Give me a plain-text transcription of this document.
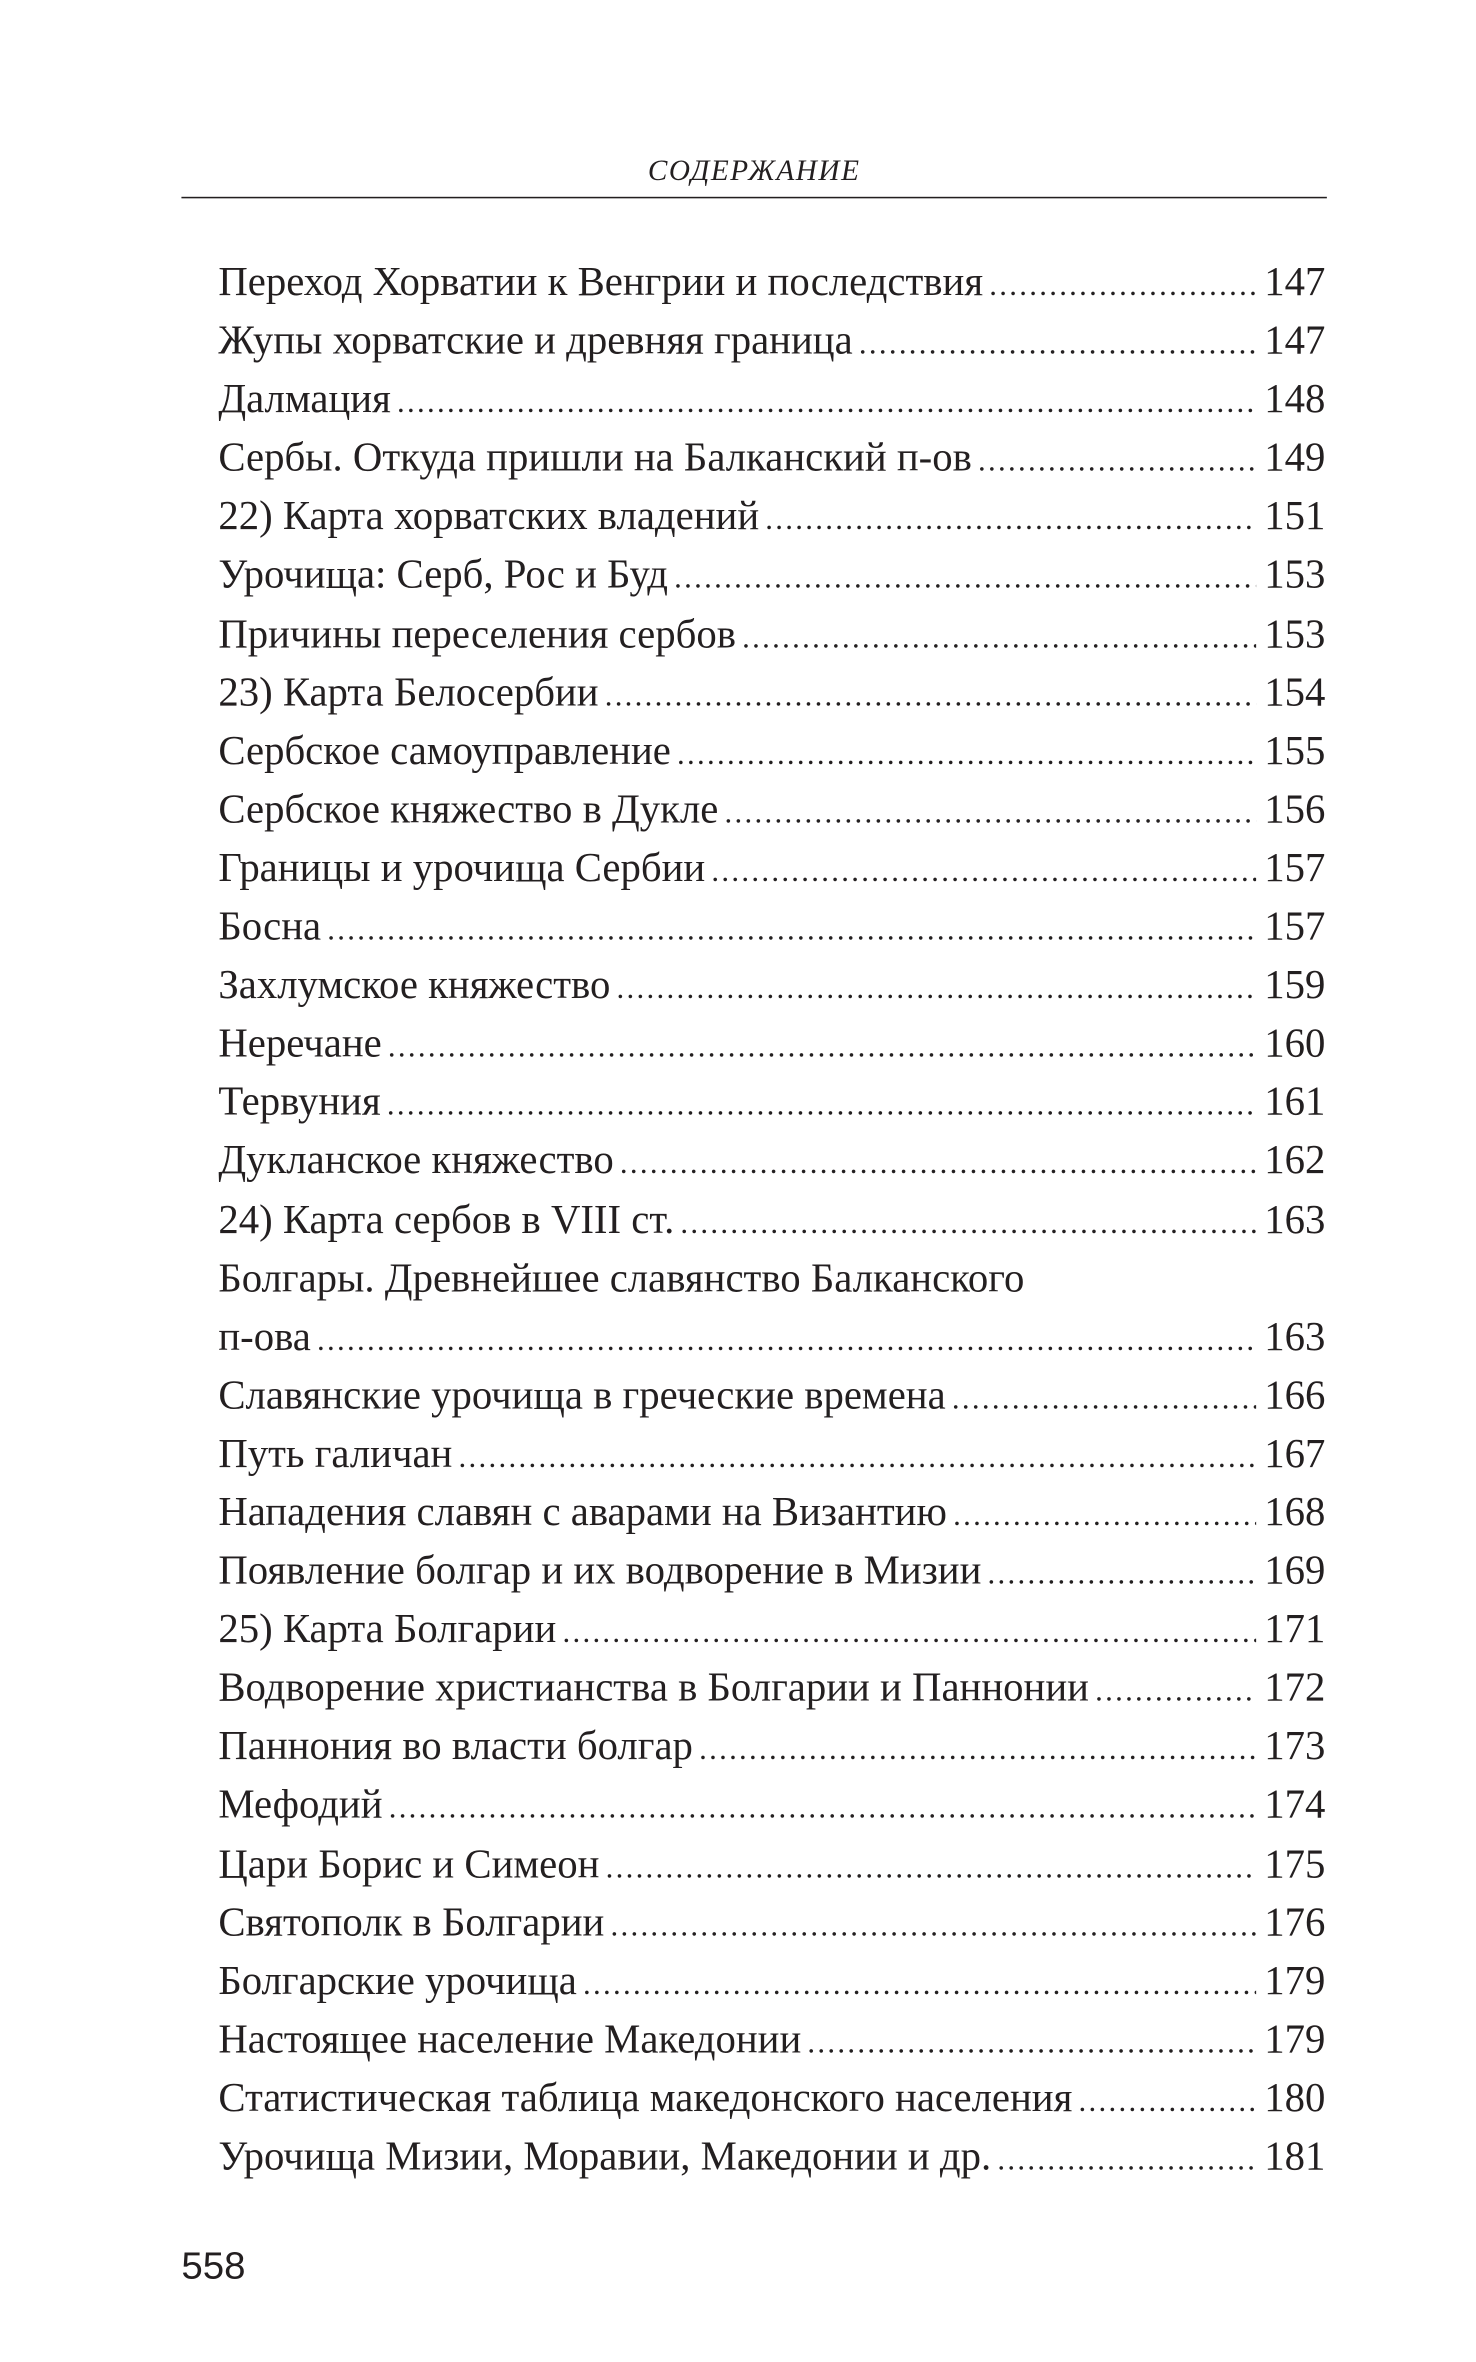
СОДЕРЖАНИЕ
Переход Хорватии к Венгрии и последствия .....	147
Жупы хорватские и древняя граница .....	147
Далмация .....	148
Сербы. Откуда пришли на Балканский п-ов .....	149
22) Карта хорватских владений .....	151
Урочища: Серб, Рос и Буд .....	153
Причины переселения сербов .....	153
23) Карта Белосербии .....	154
Сербское самоуправление .....	155
Сербское княжество в Дукле .....	156
Границы и урочища Сербии .....	157
Босна .....	157
Захлумское княжество .....	159
Неречане .....	160
Тервуния .....	161
Дукланское княжество .....	162
24) Карта сербов в VIII ст. .....	163
Болгары. Древнейшее славянство Балканского
п-ова .....	163
Славянские урочища в греческие времена .....	166
Путь галичан .....	167
Нападения славян с аварами на Византию .....	168
Появление болгар и их водворение в Мизии .....	169
25) Карта Болгарии .....	171
Водворение христианства в Болгарии и Паннонии .....	172
Паннония во власти болгар .....	173
Мефодий .....	174
Цари Борис и Симеон .....	175
Святополк в Болгарии .....	176
Болгарские урочища .....	179
Настоящее население Македонии .....	179
Статистическая таблица македонского населения .....	180
Урочища Мизии, Моравии, Македонии и др. .....	181
558
